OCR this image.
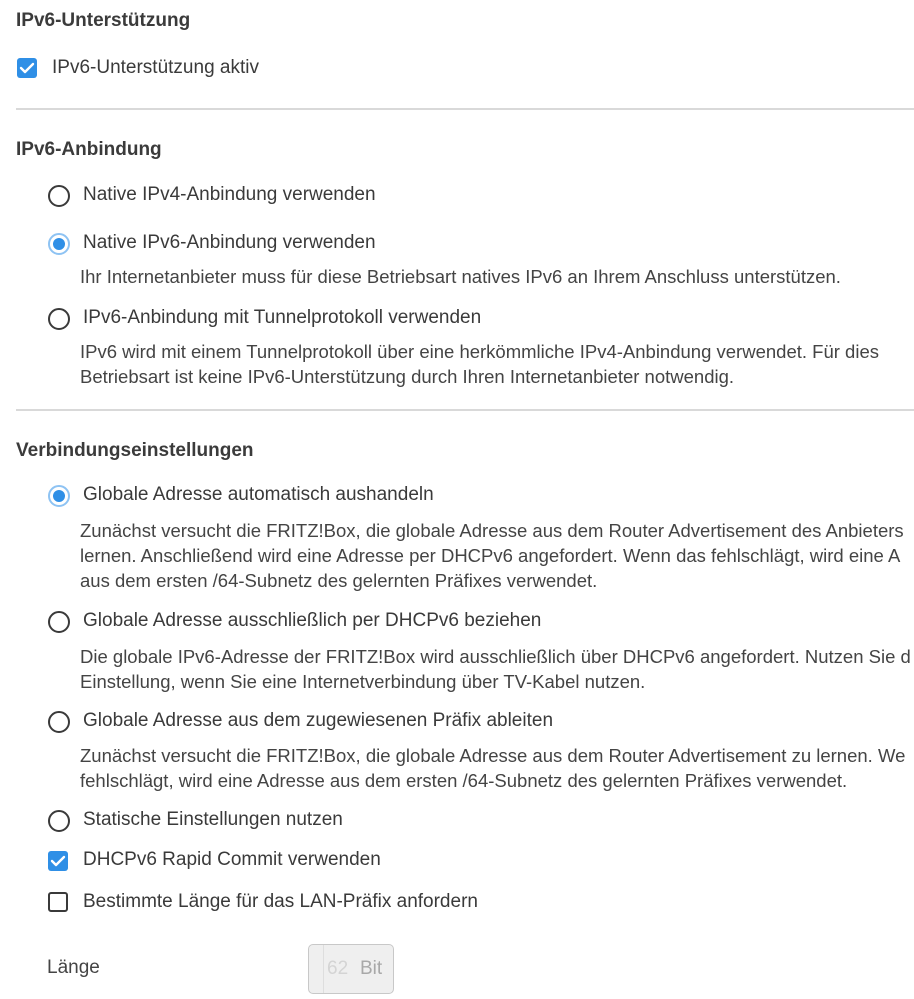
IPv6-Unterstützung
IPv6-Unterstützung aktiv
IPv6-Anbindung
Native IPv4-Anbindung verwenden
Native IPv6-Anbindung verwenden
Ihr Internetanbieter muss für diese Betriebsart natives IPv6 an Ihrem Anschluss unterstützen.
IPv6-Anbindung mit Tunnelprotokoll verwenden
IPv6 wird mit einem Tunnelprotokoll über eine herkömmliche IPv4-Anbindung verwendet. Für dies
Betriebsart ist keine IPv6-Unterstützung durch Ihren Internetanbieter notwendig.
Verbindungseinstellungen
Globale Adresse automatisch aushandeln
Zunächst versucht die FRITZ!Box, die globale Adresse aus dem Router Advertisement des Anbieters
lernen. Anschließend wird eine Adresse per DHCPv6 angefordert. Wenn das fehlschlägt, wird eine A
aus dem ersten /64-Subnetz des gelernten Präfixes verwendet.
Globale Adresse ausschließlich per DHCPv6 beziehen
Die globale IPv6-Adresse der FRITZ!Box wird ausschließlich über DHCPv6 angefordert. Nutzen Sie d
Einstellung, wenn Sie eine Internetverbindung über TV-Kabel nutzen.
Globale Adresse aus dem zugewiesenen Präfix ableiten
Zunächst versucht die FRITZ!Box, die globale Adresse aus dem Router Advertisement zu lernen. We
fehlschlägt, wird eine Adresse aus dem ersten /64-Subnetz des gelernten Präfixes verwendet.
Statische Einstellungen nutzen
DHCPv6 Rapid Commit verwenden
Bestimmte Länge für das LAN-Präfix anfordern
Länge	62 Bit
